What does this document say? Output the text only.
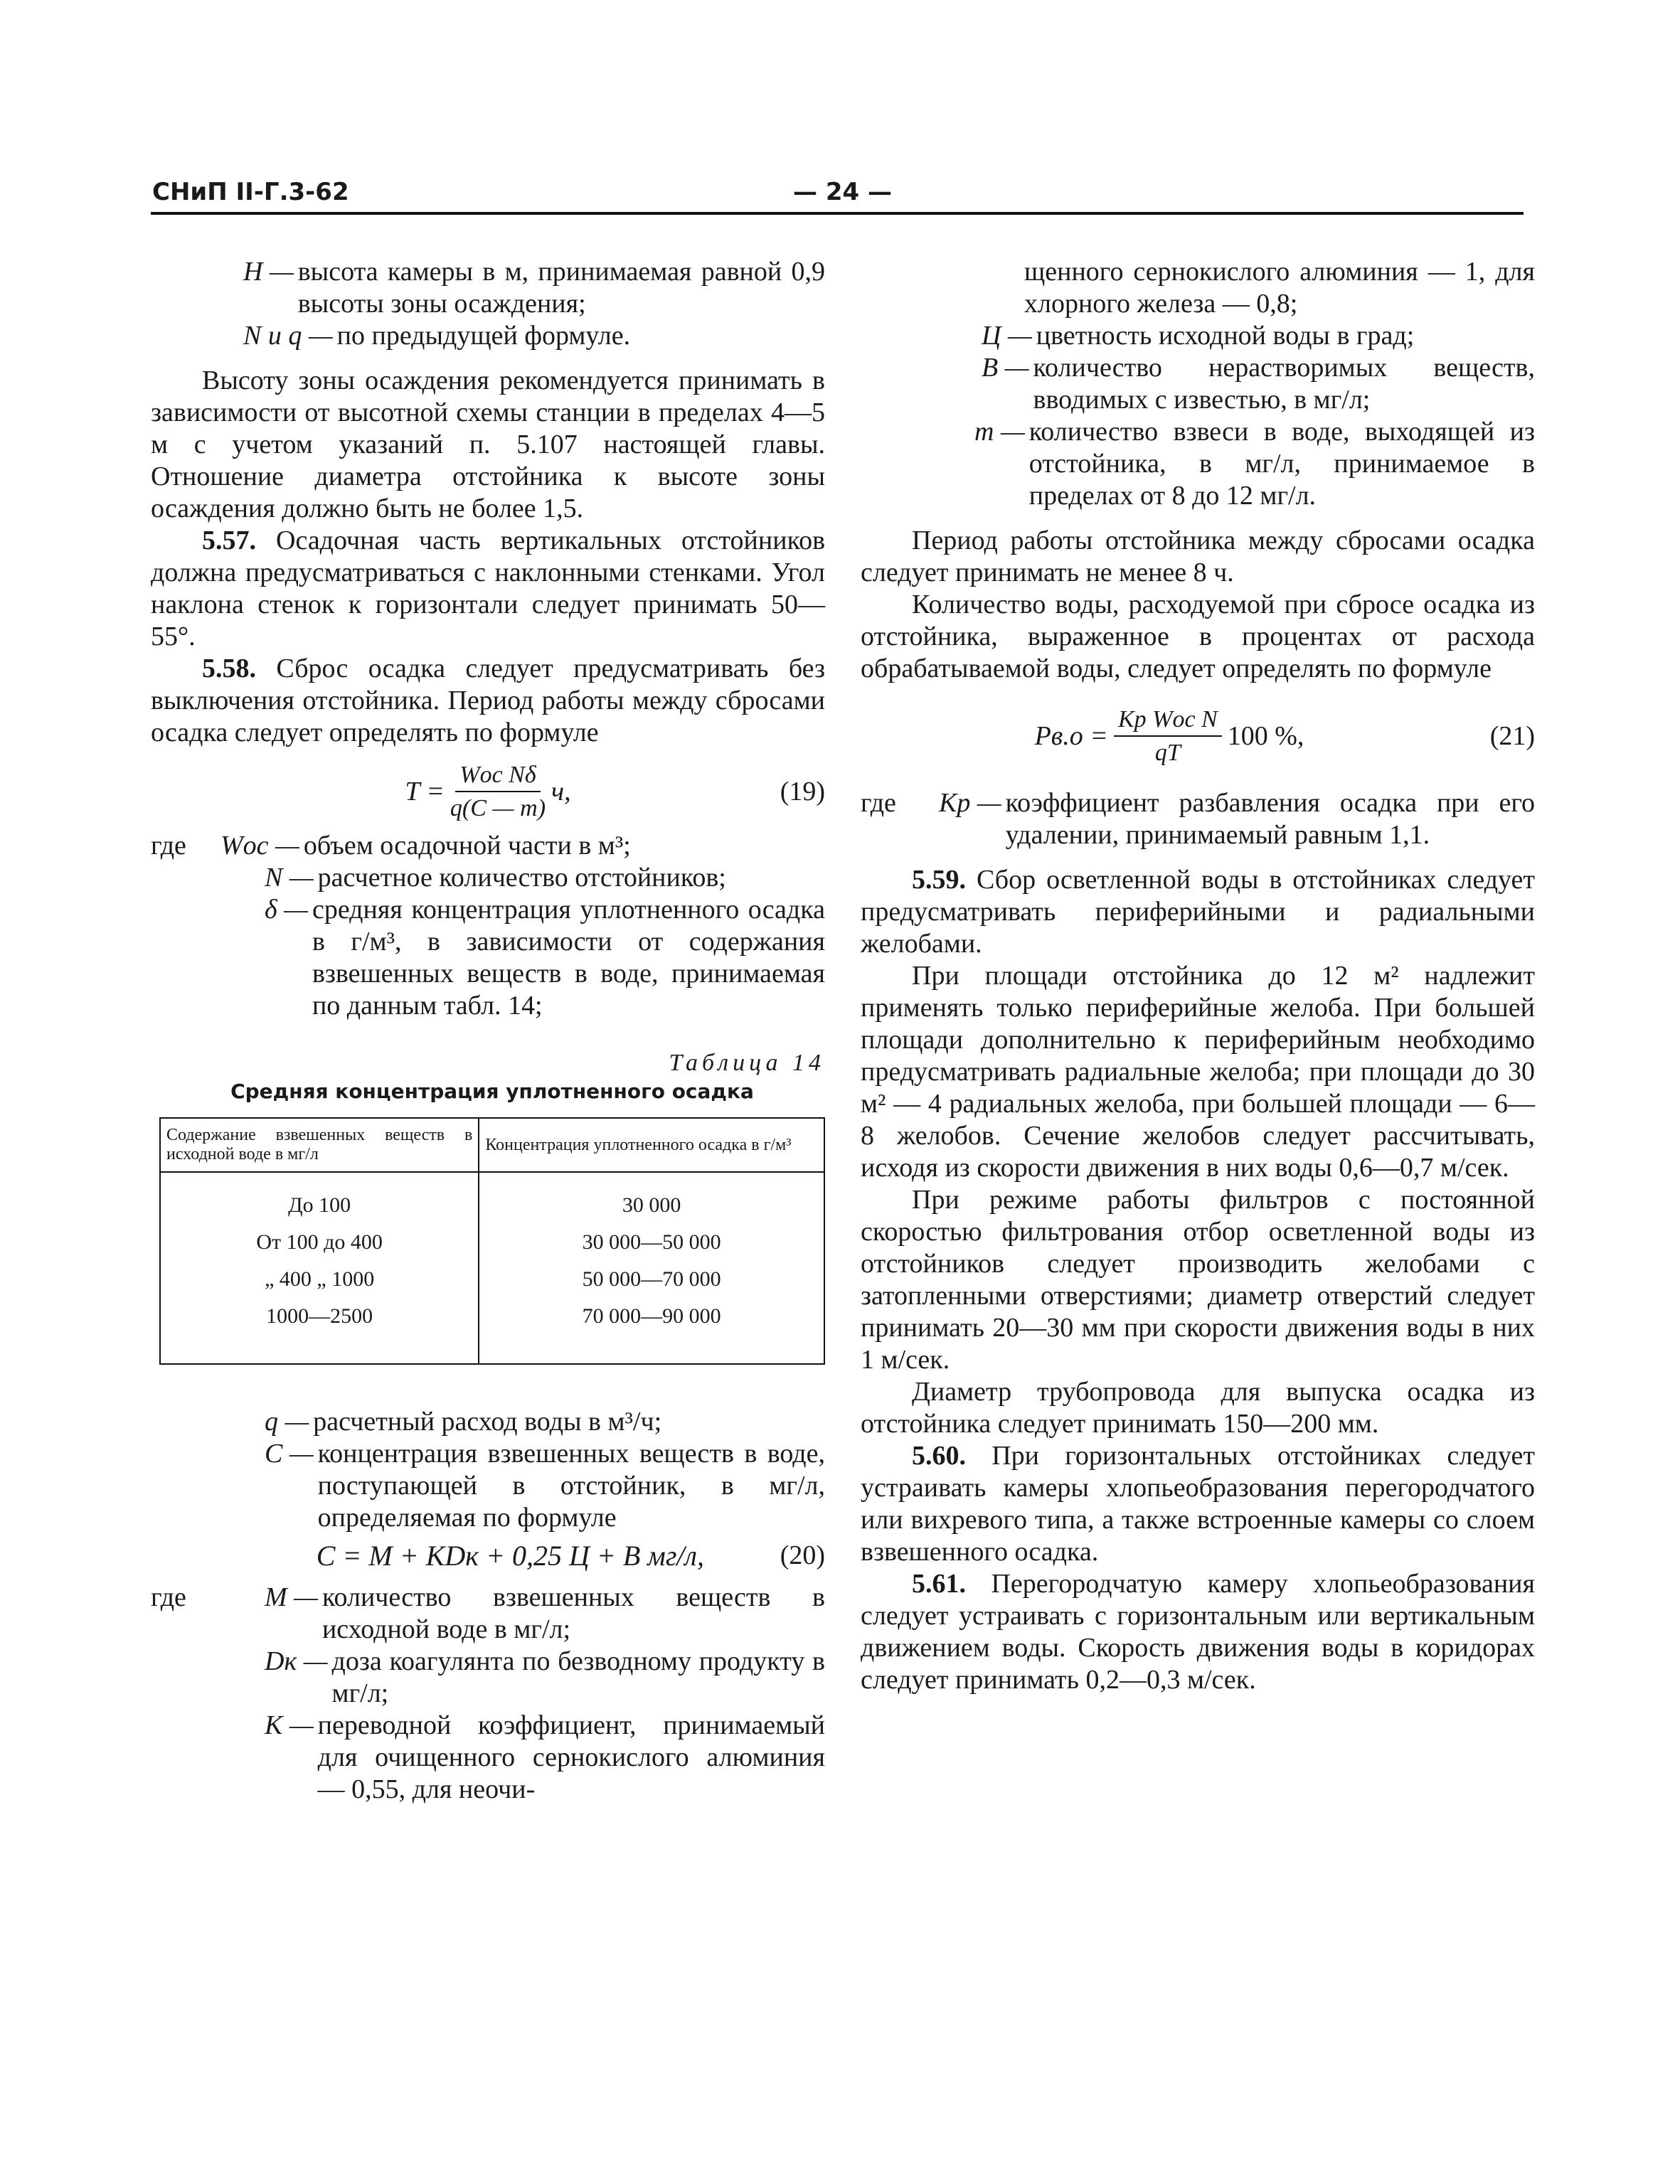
СНиП II-Г.3-62	— 24 —
H — высота камеры в м, принимаемая равной 0,9 высоты зоны осаждения;
N и q — по предыдущей формуле.

Высоту зоны осаждения рекомендуется принимать в зависимости от высотной схемы станции в пределах 4—5 м с учетом указаний п. 5.107 настоящей главы. Отношение диаметра отстойника к высоте зоны осаждения должно быть не более 1,5.

5.57. Осадочная часть вертикальных отстойников должна предусматриваться с наклонными стенками. Угол наклона стенок к горизонтали следует принимать 50—55°.

5.58. Сброс осадка следует предусматривать без выключения отстойника. Период работы между сбросами осадка следует определять по формуле

$T = \frac{\text{Wос Nδ}}{q(C — m)} ч$,	(19)
где	Wос — объем осадочной части в м³;
N — расчетное количество отстойников;
δ — средняя концентрация уплотненного осадка в г/м³, в зависимости от содержания взвешенных веществ в воде, принимаемая по данным табл. 14;
Таблица 14
Средняя концентрация уплотненного осадка
Содержание взвешенных веществ в исходной воде в мг/л	Концентрация уплотненного осадка в г/м³
До 100	30 000
От 100 до 400	30 000—50 000
„ 400 „ 1000	50 000—70 000
1000—2500	70 000—90 000
q — расчетный расход воды в м³/ч;
C — концентрация взвешенных веществ в воде, поступающей в отстойник, в мг/л, определяемая по формуле
C = M + KDк + 0,25 Ц + B мг/л,	(20)
где	M — количество взвешенных веществ в исходной воде в мг/л;
Dк — доза коагулянта по безводному продукту в мг/л;
K — переводной коэффициент, принимаемый для очищенного сернокислого алюминия — 0,55, для неочи-

щенного сернокислого алюминия — 1, для хлорного железа — 0,8;

Ц — цветность исходной воды в град;
B — количество нерастворимых веществ, вводимых с известью, в мг/л;
m — количество взвеси в воде, выходящей из отстойника, в мг/л, принимаемое в пределах от 8 до 12 мг/л.

Период работы отстойника между сбросами осадка следует принимать не менее 8 ч.

Количество воды, расходуемой при сбросе осадка из отстойника, выраженное в процентах от расхода обрабатываемой воды, следует определять по формуле

$Pв.о = \frac{\text{Kр Wос N}}{qT} 100$ %,	(21)
где	Kр — коэффициент разбавления осадка при его удалении, принимаемый равным 1,1.

5.59. Сбор осветленной воды в отстойниках следует предусматривать периферийными и радиальными желобами.

При площади отстойника до 12 м² надлежит применять только периферийные желоба. При большей площади дополнительно к периферийным необходимо предусматривать радиальные желоба; при площади до 30 м² — 4 радиальных желоба, при большей площади — 6—8 желобов. Сечение желобов следует рассчитывать, исходя из скорости движения в них воды 0,6—0,7 м/сек.

При режиме работы фильтров с постоянной скоростью фильтрования отбор осветленной воды из отстойников следует производить желобами с затопленными отверстиями; диаметр отверстий следует принимать 20—30 мм при скорости движения воды в них 1 м/сек.

Диаметр трубопровода для выпуска осадка из отстойника следует принимать 150—200 мм.

5.60. При горизонтальных отстойниках следует устраивать камеры хлопьеобразования перегородчатого или вихревого типа, а также встроенные камеры со слоем взвешенного осадка.

5.61. Перегородчатую камеру хлопьеобразования следует устраивать с горизонтальным или вертикальным движением воды. Скорость движения воды в коридорах следует принимать 0,2—0,3 м/сек.
